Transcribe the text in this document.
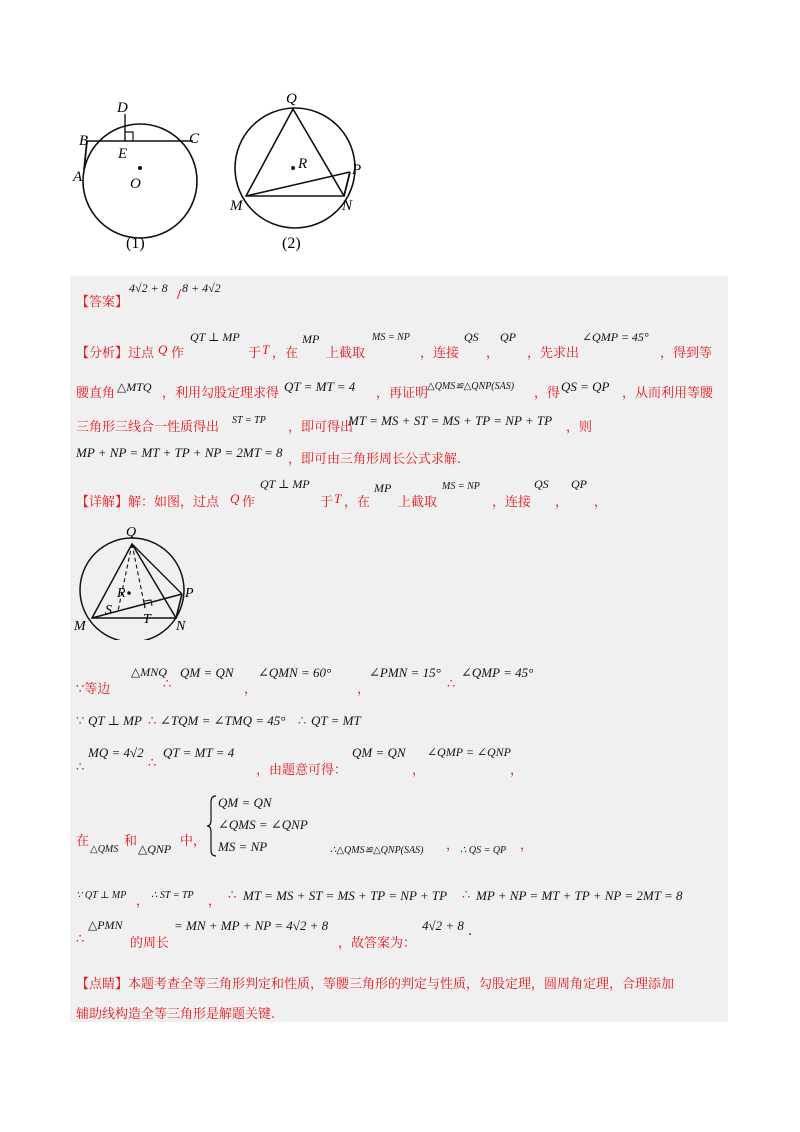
D
B	C
E
A	O
(1)
Q
R	P
M	N
(2)
【答案】
4√2 + 8 / 8 + 4√2
【分析】 过点 Q 作
QT ⊥ MP
于 T ，在
MP
上截取
MS = NP
，连接
QS
，
QP
，先求出
∠QMP = 45°
，得到等
腰直角 △MTQ ，利用勾股定理求得 QT = MT = 4 ，再证明
△QMS≌△QNP(SAS) ，得 QS = QP ，从而利用等腰
三角形三线合一性质得出 ST = TP ，即可得出
MT = MS + ST = MS + TP = NP + TP ，则
MP + NP = MT + TP + NP = 2MT = 8 ，即可由三角形周长公式求解.
【详解】 解：如图，过点 Q 作
QT ⊥ MP
于 T ，在
MP
上截取
MS = NP
，连接
QS
，
QP
，
Q
R	P
S
T
M	N
∵等边
△MNQ
∴
QM = QN
，
∠QMN = 60°
，
∠PMN = 15°
∴
∠QMP = 45°
∵ QT ⊥ MP ∴ ∠TQM = ∠TMQ = 45° ∴ QT = MT
∴
MQ = 4√2
∴
QT = MT = 4
，由题意可得：
QM = QN
，
∠QMP = ∠QNP
，
在
△QMS
和 △QNP 中，
QM = QN
∠QMS = ∠QNP
MS = NP	∴△QMS≌△QNP(SAS) ， ∴ QS = QP ，
∵ QT ⊥ MP ， ∴ ST = TP ， ∴ MT = MS + ST = MS + TP = NP + TP ∴ MP + NP = MT + TP + NP = 2MT = 8
∴
△PMN
的周长
= MN + MP + NP = 4√2 + 8
，故答案为：
4√2 + 8 .
【点睛】 本题考查全等三角形判定和性质，等腰三角形的判定与性质，勾股定理，圆周角定理，合理添加
辅助线构造全等三角形是解题关键.
